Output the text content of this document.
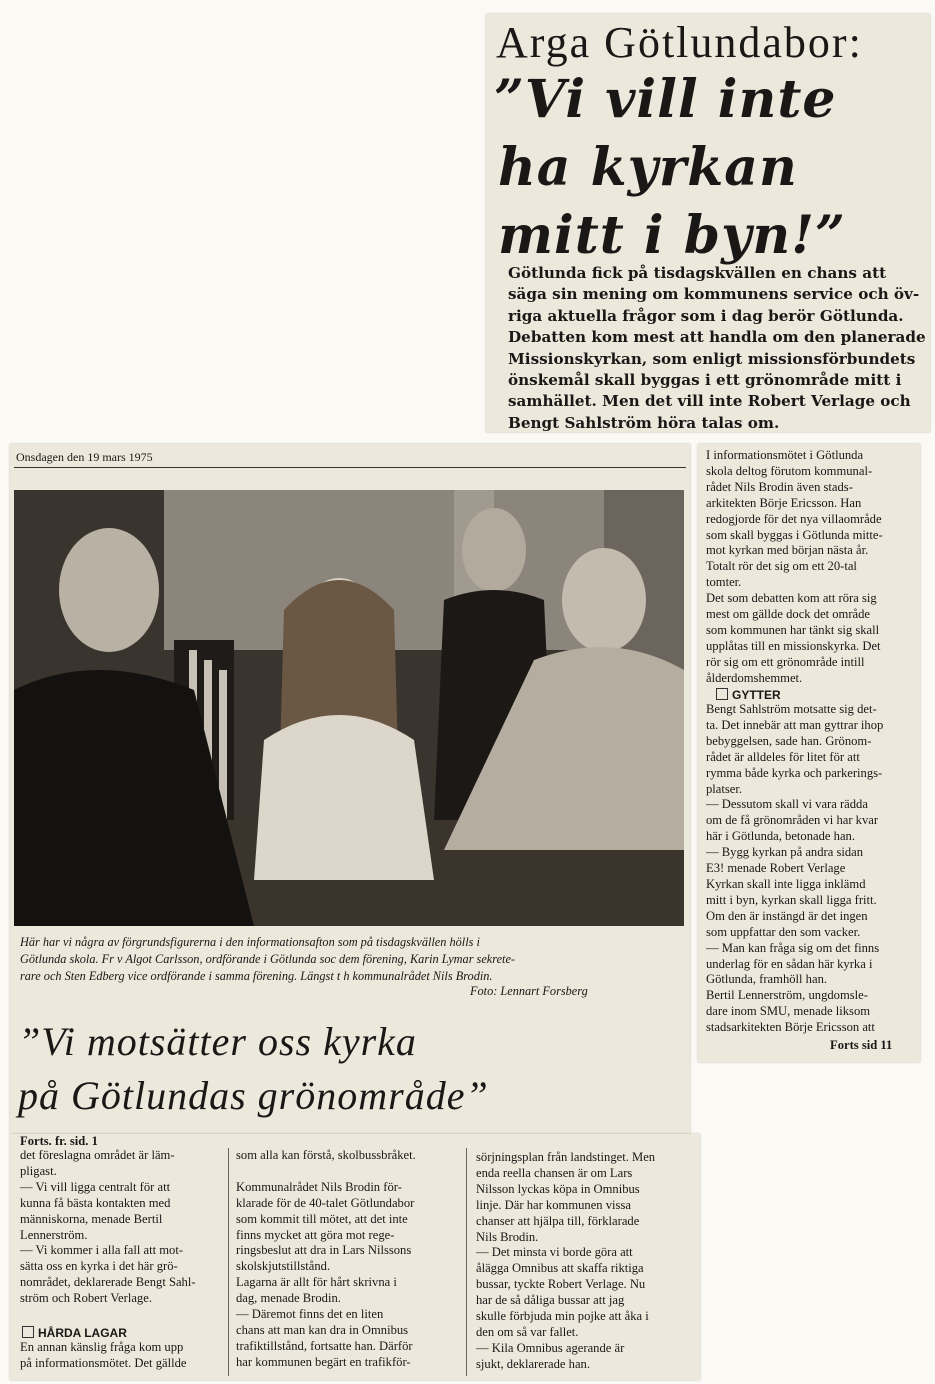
Arga Götlundabor:
”Vi vill inte
ha kyrkan
mitt i byn!”
Götlunda fick på tisdagskvällen en chans att
säga sin mening om kommunens service och öv-
riga aktuella frågor som i dag berör Götlunda.
Debatten kom mest att handla om den planerade
Missionskyrkan, som enligt missionsförbundets
önskemål skall byggas i ett grönområde mitt i
samhället. Men det vill inte Robert Verlage och
Bengt Sahlström höra talas om.
Onsdagen den 19 mars 1975
Här har vi några av förgrundsfigurerna i den informationsafton som på tisdagskvällen hölls i
Götlunda skola. Fr v Algot Carlsson, ordförande i Götlunda soc dem förening, Karin Lymar sekrete-
rare och Sten Edberg vice ordförande i samma förening. Längst t h kommunalrådet Nils Brodin.
Foto: Lennart Forsberg
”Vi motsätter oss kyrka
på Götlundas grönområde”
I informationsmötet i Götlunda
skola deltog förutom kommunal-
rådet Nils Brodin även stads-
arkitekten Börje Ericsson. Han
redogjorde för det nya villaområde
som skall byggas i Götlunda mitte-
mot kyrkan med början nästa år.
Totalt rör det sig om ett 20-tal
tomter.
Det som debatten kom att röra sig
mest om gällde dock det område
som kommunen har tänkt sig skall
upplåtas till en missionskyrka. Det
rör sig om ett grönområde intill
ålderdomshemmet.
GYTTER
Bengt Sahlström motsatte sig det-
ta. Det innebär att man gyttrar ihop
bebyggelsen, sade han. Grönom-
rådet är alldeles för litet för att
rymma både kyrka och parkerings-
platser.
— Dessutom skall vi vara rädda
om de få grönområden vi har kvar
här i Götlunda, betonade han.
— Bygg kyrkan på andra sidan
E3! menade Robert Verlage
Kyrkan skall inte ligga inklämd
mitt i byn, kyrkan skall ligga fritt.
Om den är instängd är det ingen
som uppfattar den som vacker.
— Man kan fråga sig om det finns
underlag för en sådan här kyrka i
Götlunda, framhöll han.
Bertil Lennerström, ungdomsle-
dare inom SMU, menade liksom
stadsarkitekten Börje Ericsson att
Forts sid 11
Forts. fr. sid. 1
det föreslagna området är läm-
pligast.
— Vi vill ligga centralt för att
kunna få bästa kontakten med
människorna, menade Bertil
Lennerström.
— Vi kommer i alla fall att mot-
sätta oss en kyrka i det här grö-
nområdet, deklarerade Bengt Sahl-
ström och Robert Verlage.
HÅRDA LAGAR
En annan känslig fråga kom upp
på informationsmötet. Det gällde
som alla kan förstå, skolbussbråket.
Kommunalrådet Nils Brodin för-
klarade för de 40-talet Götlundabor
som kommit till mötet, att det inte
finns mycket att göra mot rege-
ringsbeslut att dra in Lars Nilssons
skolskjutstillstånd.
Lagarna är allt för hårt skrivna i
dag, menade Brodin.
— Däremot finns det en liten
chans att man kan dra in Omnibus
trafiktillstånd, fortsatte han. Därför
har kommunen begärt en trafikför-
sörjningsplan från landstinget. Men
enda reella chansen är om Lars
Nilsson lyckas köpa in Omnibus
linje. Där har kommunen vissa
chanser att hjälpa till, förklarade
Nils Brodin.
— Det minsta vi borde göra att
ålägga Omnibus att skaffa riktiga
bussar, tyckte Robert Verlage. Nu
har de så dåliga bussar att jag
skulle förbjuda min pojke att åka i
den om så var fallet.
— Kila Omnibus agerande är
sjukt, deklarerade han.
